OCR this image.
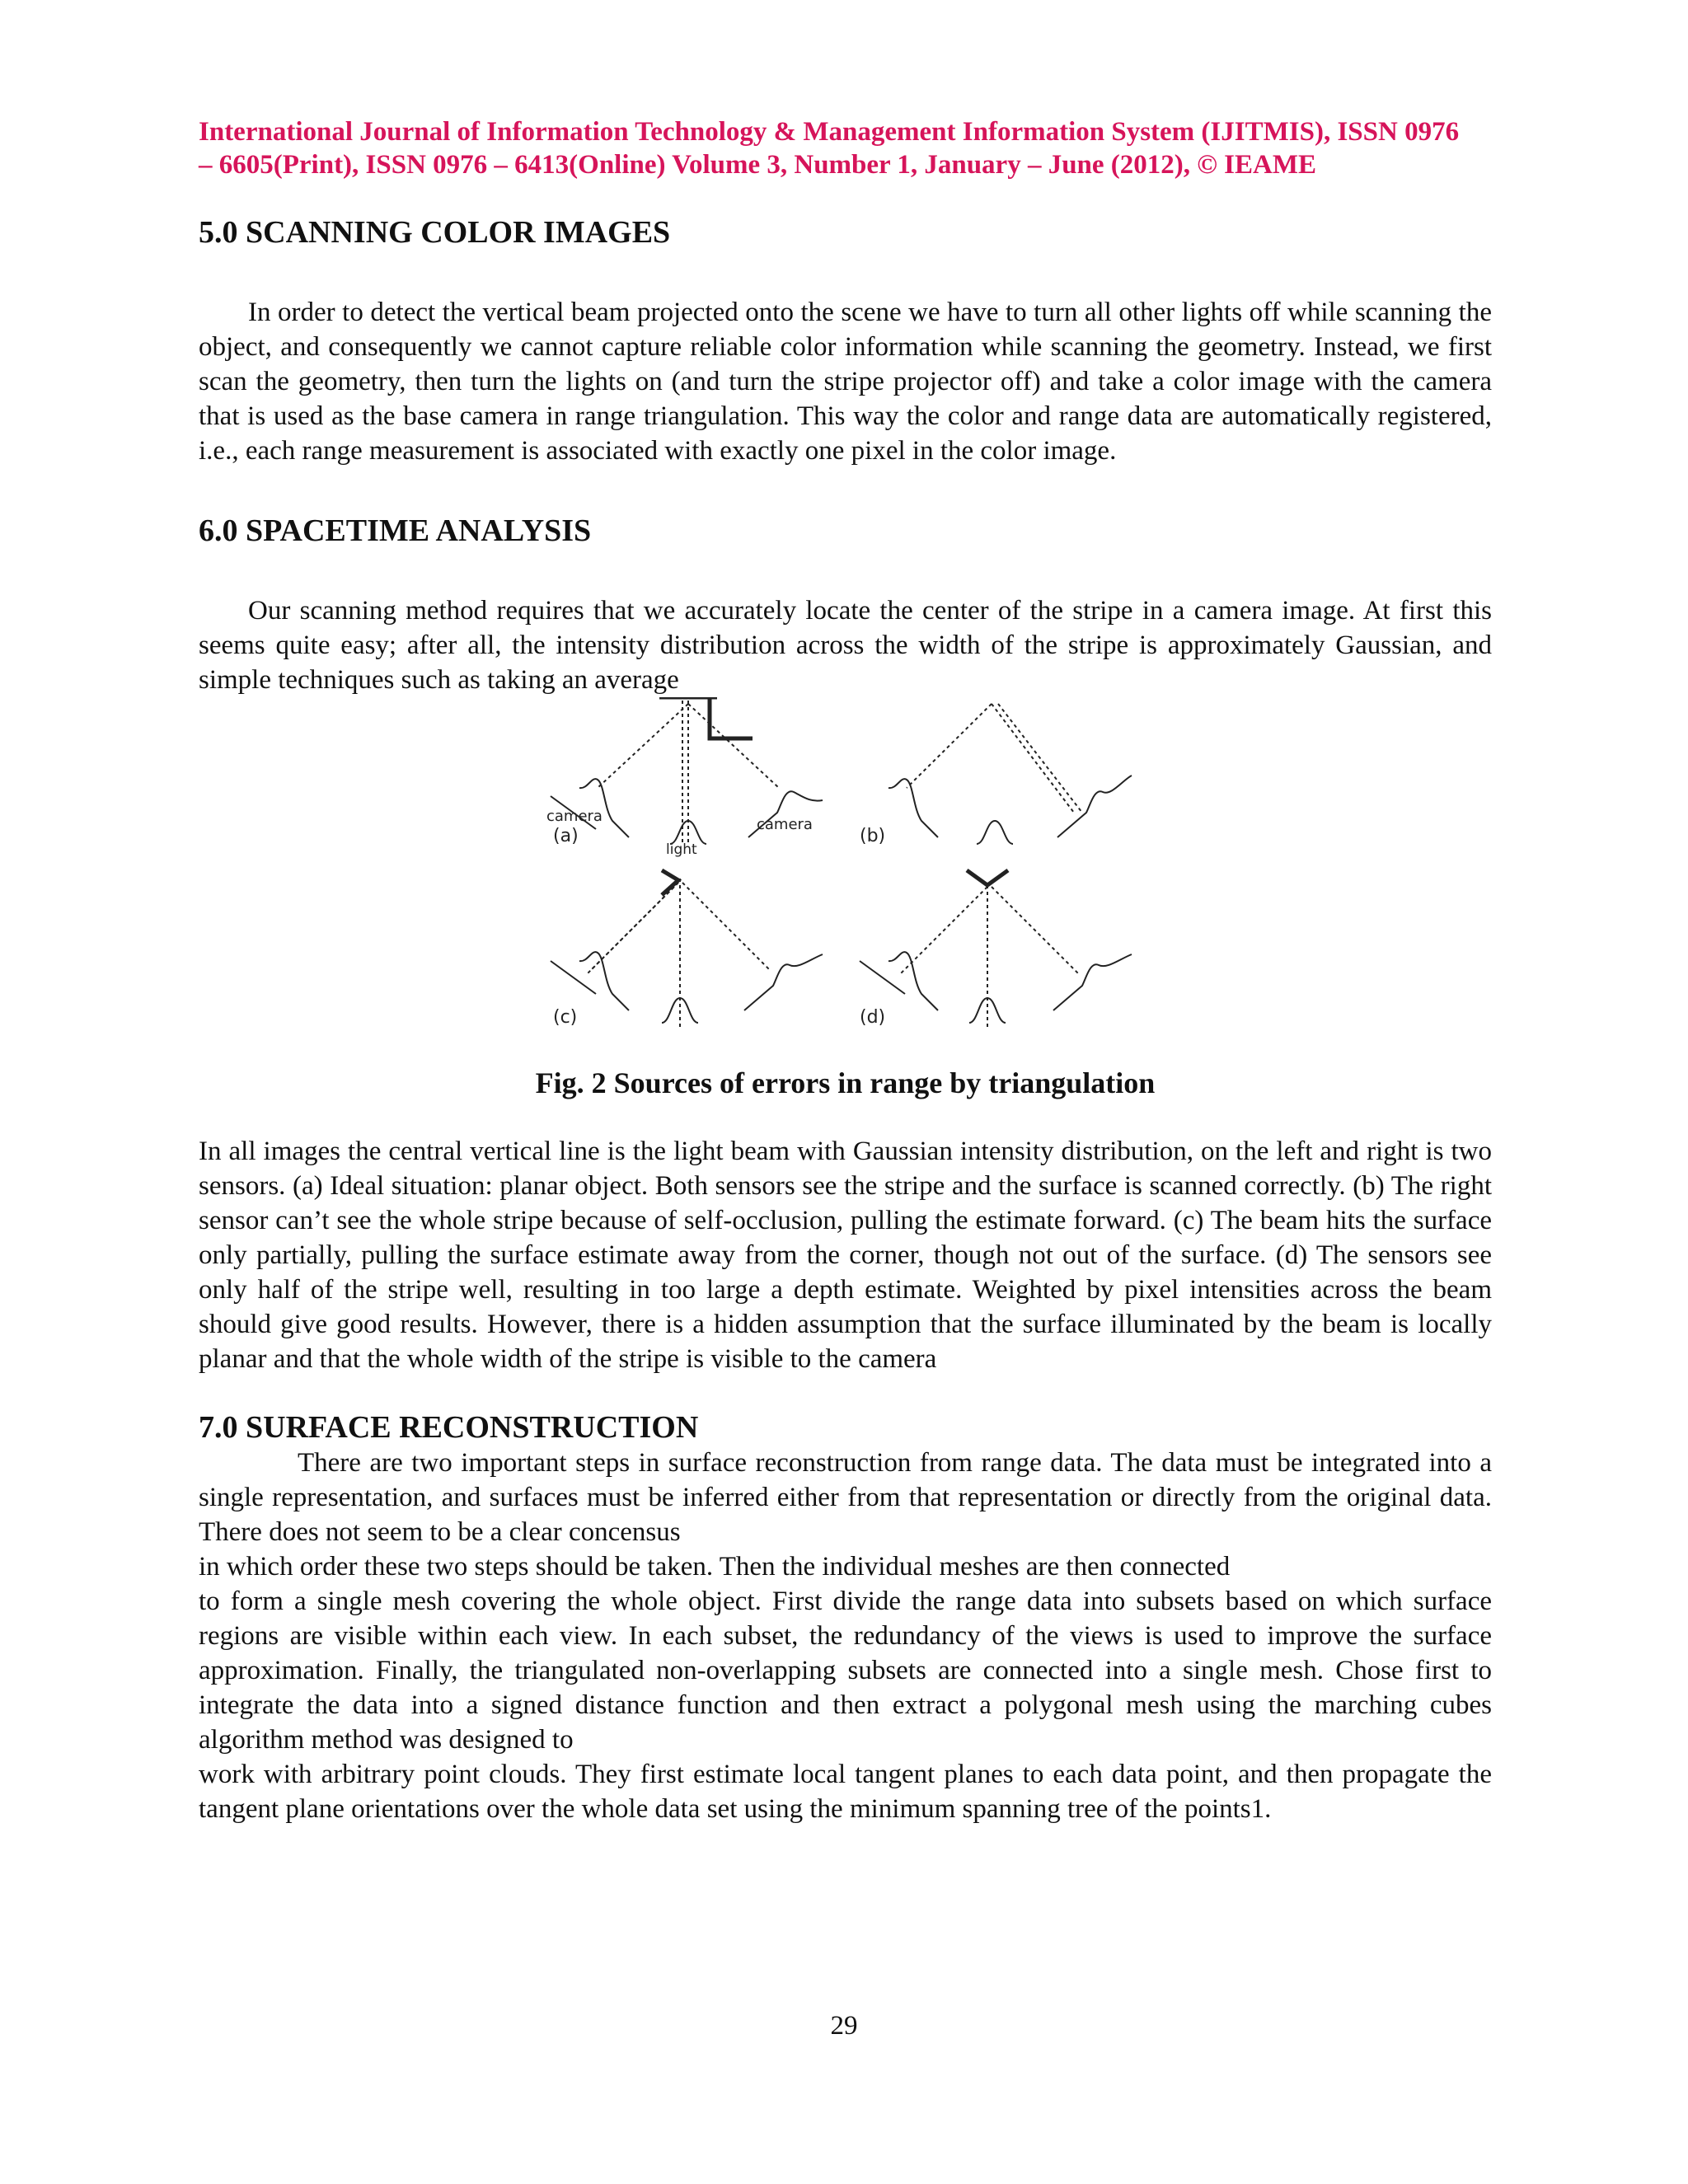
International Journal of Information Technology & Management Information System (IJITMIS), ISSN 0976

– 6605(Print), ISSN 0976 – 6413(Online) Volume 3, Number 1, January – June (2012), © IEAME

5.0 SCANNING COLOR IMAGES

In order to detect the vertical beam projected onto the scene we have to turn all other lights off while scanning the object, and consequently we cannot capture reliable color information while scanning the geometry. Instead, we first scan the geometry, then turn the lights on (and turn the stripe projector off) and take a color image with the camera that is used as the base camera in range triangulation. This way the color and range data are automatically registered, i.e., each range measurement is associated with exactly one pixel in the color image.

6.0 SPACETIME ANALYSIS

Our scanning method requires that we accurately locate the center of the stripe in a camera image. At first this seems quite easy; after all, the intensity distribution across the width of the stripe is approximately Gaussian, and simple techniques such as taking an average

camera	camera
light
(a)	(b)
(c)	(d)

Fig. 2 Sources of errors in range by triangulation

In all images the central vertical line is the light beam with Gaussian intensity distribution, on the left and right is two sensors. (a) Ideal situation: planar object. Both sensors see the stripe and the surface is scanned correctly. (b) The right sensor can’t see the whole stripe because of self-occlusion, pulling the estimate forward. (c) The beam hits the surface only partially, pulling the surface estimate away from the corner, though not out of the surface. (d) The sensors see only half of the stripe well, resulting in too large a depth estimate. Weighted by pixel intensities across the beam should give good results. However, there is a hidden assumption that the surface illuminated by the beam is locally planar and that the whole width of the stripe is visible to the camera

7.0 SURFACE RECONSTRUCTION

There are two important steps in surface reconstruction from range data. The data must be integrated into a single representation, and surfaces must be inferred either from that representation or directly from the original data. There does not seem to be a clear concensus

in which order these two steps should be taken. Then the individual meshes are then connected

to form a single mesh covering the whole object. First divide the range data into subsets based on which surface regions are visible within each view. In each subset, the redundancy of the views is used to improve the surface approximation. Finally, the triangulated non-overlapping subsets are connected into a single mesh. Chose first to integrate the data into a signed distance function and then extract a polygonal mesh using the marching cubes algorithm method was designed to

work with arbitrary point clouds. They first estimate local tangent planes to each data point, and then propagate the tangent plane orientations over the whole data set using the minimum spanning tree of the points1.

29
